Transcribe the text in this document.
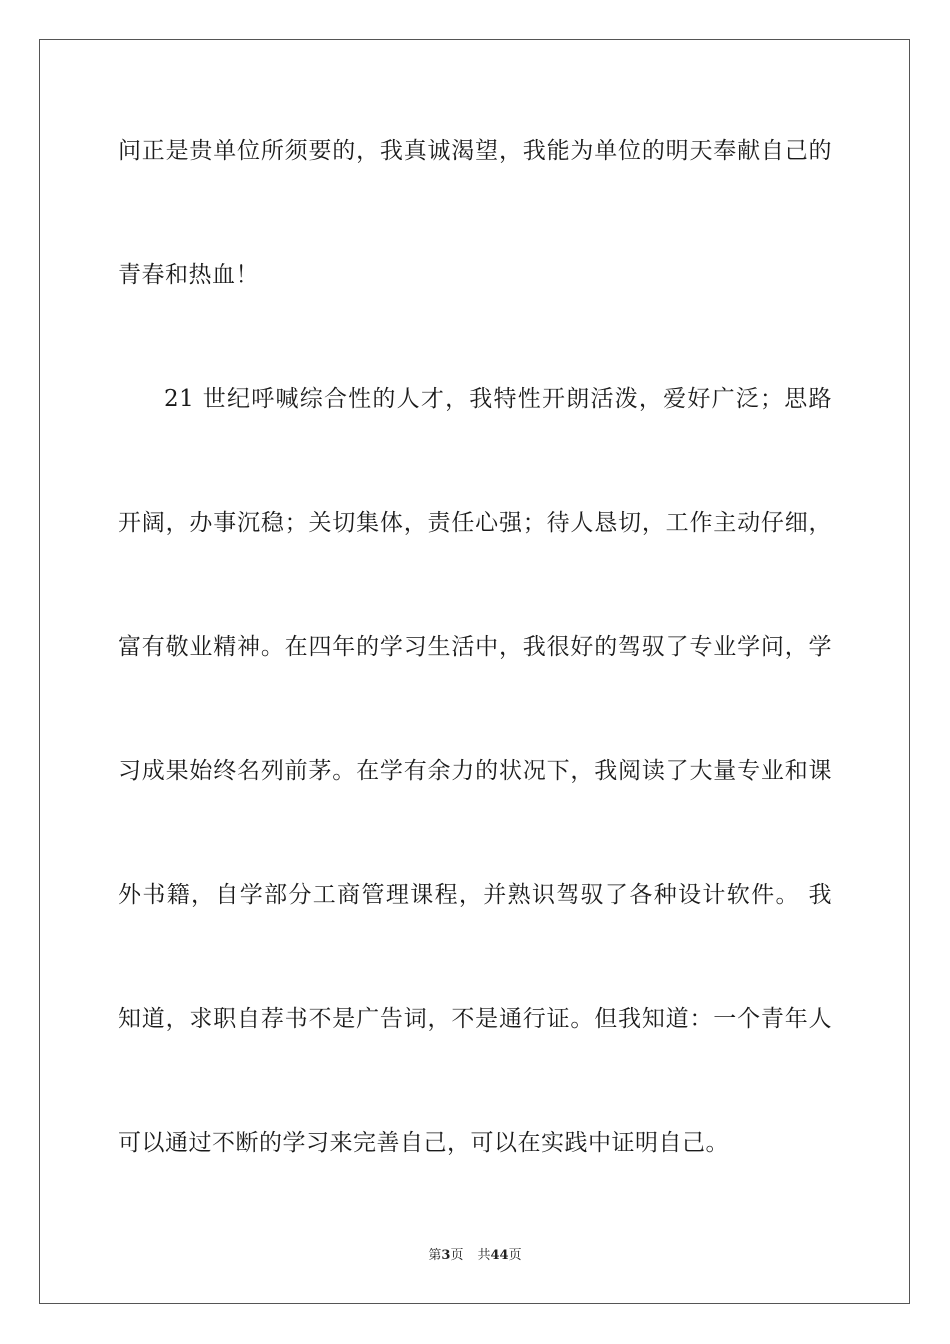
问正是贵单位所须要的，我真诚渴望，我能为单位的明天奉献自己的
青春和热血！
21 世纪呼喊综合性的人才，我特性开朗活泼，爱好广泛；思路
开阔，办事沉稳；关切集体，责任心强；待人恳切，工作主动仔细，
富有敬业精神。在四年的学习生活中，我很好的驾驭了专业学问，学
习成果始终名列前茅。在学有余力的状况下，我阅读了大量专业和课
外书籍，自学部分工商管理课程，并熟识驾驭了各种设计软件。 我
知道，求职自荐书不是广告词，不是通行证。但我知道：一个青年人
可以通过不断的学习来完善自己，可以在实践中证明自己。
第3页 共44页
